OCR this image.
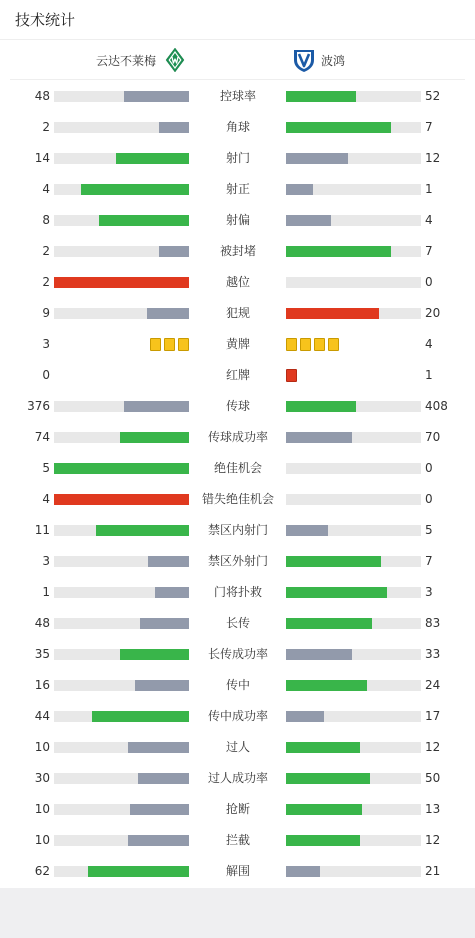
技术统计
云达不莱梅	波鸿
48	控球率	52
2	角球	7
14	射门	12
4	射正	1
8	射偏	4
2	被封堵	7
2	越位	0
9	犯规	20
3	黄牌	4
0	红牌	1
376	传球	408
74	传球成功率	70
5	绝佳机会	0
4	错失绝佳机会	0
11	禁区内射门	5
3	禁区外射门	7
1	门将扑救	3
48	长传	83
35	长传成功率	33
16	传中	24
44	传中成功率	17
10	过人	12
30	过人成功率	50
10	抢断	13
10	拦截	12
62	解围	21
